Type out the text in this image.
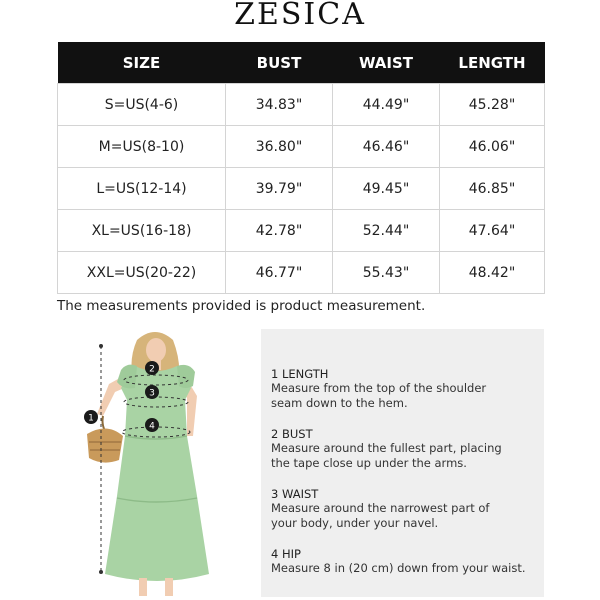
ZESICA
SIZE	BUST	WAIST	LENGTH
S=US(4-6)	34.83"	44.49"	45.28"
M=US(8-10)	36.80"	46.46"	46.06"
L=US(12-14)	39.79"	49.45"	46.85"
XL=US(16-18)	42.78"	52.44"	47.64"
XXL=US(20-22)	46.77"	55.43"	48.42"
The measurements provided is product measurement.
1
2
3
4
1 LENGTH
Measure from the top of the shoulder
seam down to the hem.
2 BUST
Measure around the fullest part, placing
the tape close up under the arms.
3 WAIST
Measure around the narrowest part of
your body, under your navel.
4 HIP
Measure 8 in (20 cm) down from your waist.
